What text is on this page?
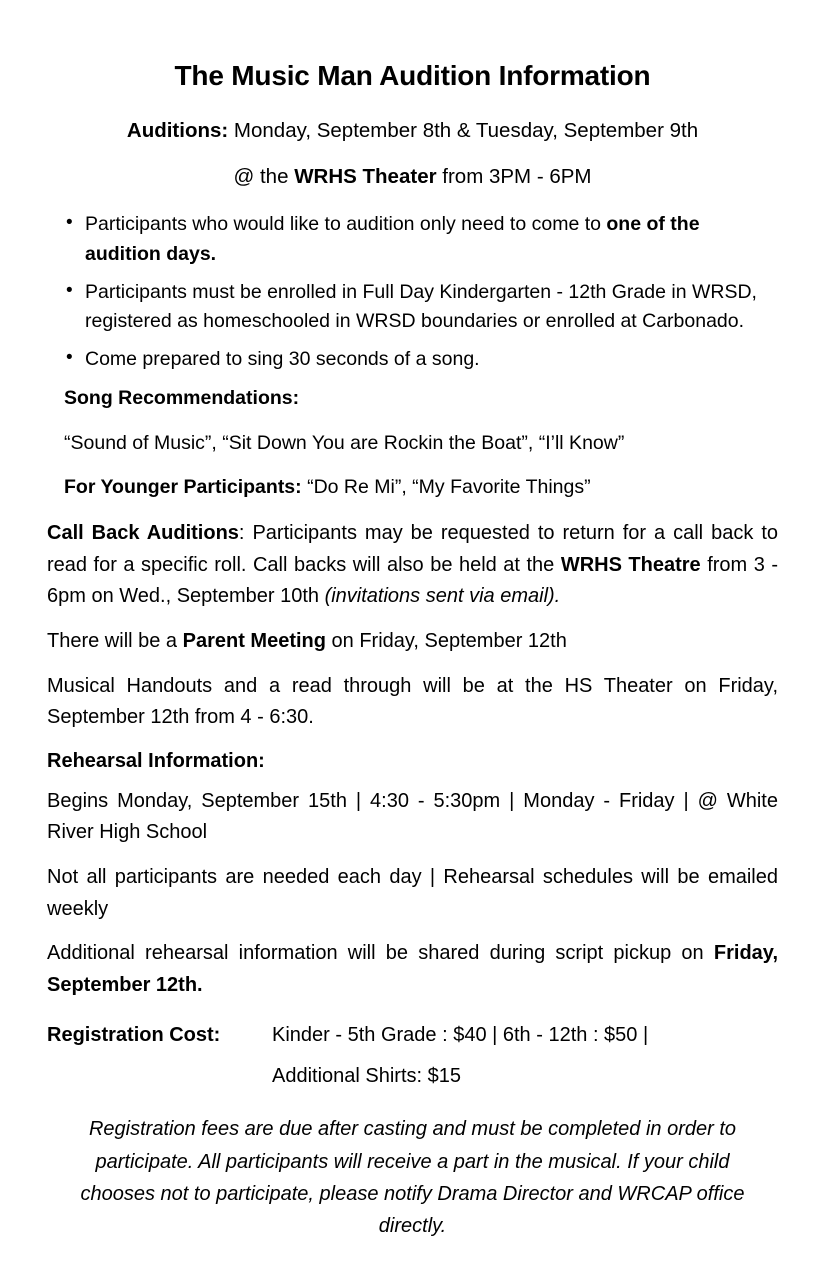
The Music Man Audition Information
Auditions: Monday, September 8th & Tuesday, September 9th
@ the WRHS Theater from 3PM - 6PM
• Participants who would like to audition only need to come to one of the audition days.
• Participants must be enrolled in Full Day Kindergarten - 12th Grade in WRSD, registered as homeschooled in WRSD boundaries or enrolled at Carbonado.
• Come prepared to sing 30 seconds of a song.
Song Recommendations:
“Sound of Music”, “Sit Down You are Rockin the Boat”, “I’ll Know”
For Younger Participants: “Do Re Mi”, “My Favorite Things”
Call Back Auditions: Participants may be requested to return for a call back to read for a specific roll. Call backs will also be held at the WRHS Theatre from 3 - 6pm on Wed., September 10th (invitations sent via email).
There will be a Parent Meeting on Friday, September 12th
Musical Handouts and a read through will be at the HS Theater on Friday, September 12th from 4 - 6:30.
Rehearsal Information:
Begins Monday, September 15th | 4:30 - 5:30pm | Monday - Friday | @ White River High School
Not all participants are needed each day | Rehearsal schedules will be emailed weekly
Additional rehearsal information will be shared during script pickup on Friday, September 12th.
Registration Cost:	Kinder - 5th Grade : $40 | 6th - 12th : $50 |
Additional Shirts: $15
Registration fees are due after casting and must be completed in order to participate. All participants will receive a part in the musical. If your child chooses not to participate, please notify Drama Director and WRCAP office directly.
